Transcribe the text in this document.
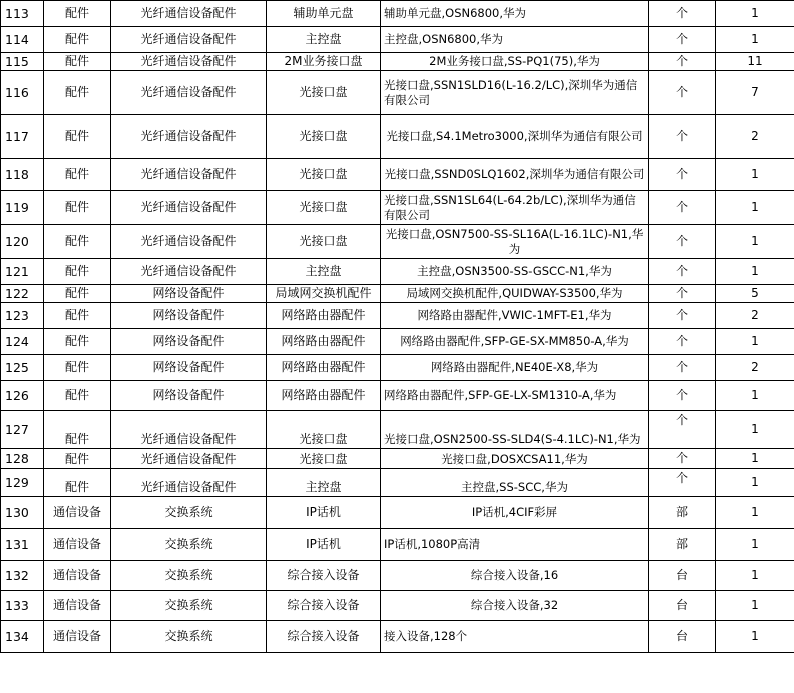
113	配件	光纤通信设备配件	辅助单元盘	辅助单元盘,OSN6800,华为	个	1
114	配件	光纤通信设备配件	主控盘	主控盘,OSN6800,华为	个	1
115	配件	光纤通信设备配件	2M业务接口盘	2M业务接口盘,SS-PQ1(75),华为	个	11
116	配件	光纤通信设备配件	光接口盘	光接口盘,SSN1SLD16(L-16.2/LC),深圳华为通信有限公司	个	7
117	配件	光纤通信设备配件	光接口盘	光接口盘,S4.1Metro3000,深圳华为通信有限公司	个	2
118	配件	光纤通信设备配件	光接口盘	光接口盘,SSND0SLQ1602,深圳华为通信有限公司	个	1
119	配件	光纤通信设备配件	光接口盘	光接口盘,SSN1SL64(L-64.2b/LC),深圳华为通信有限公司	个	1
120	配件	光纤通信设备配件	光接口盘	光接口盘,OSN7500-SS-SL16A(L-16.1LC)-N1,华为	个	1
121	配件	光纤通信设备配件	主控盘	主控盘,OSN3500-SS-GSCC-N1,华为	个	1
122	配件	网络设备配件	局域网交换机配件	局域网交换机配件,QUIDWAY-S3500,华为	个	5
123	配件	网络设备配件	网络路由器配件	网络路由器配件,VWIC-1MFT-E1,华为	个	2
124	配件	网络设备配件	网络路由器配件	网络路由器配件,SFP-GE-SX-MM850-A,华为	个	1
125	配件	网络设备配件	网络路由器配件	网络路由器配件,NE40E-X8,华为	个	2
126	配件	网络设备配件	网络路由器配件	网络路由器配件,SFP-GE-LX-SM1310-A,华为	个	1
127	配件	光纤通信设备配件	光接口盘	光接口盘,OSN2500-SS-SLD4(S-4.1LC)-N1,华为	个	1
128	配件	光纤通信设备配件	光接口盘	光接口盘,DOSXCSA11,华为	个	1
129	配件	光纤通信设备配件	主控盘	主控盘,SS-SCC,华为	个	1
130	通信设备	交换系统	IP话机	IP话机,4CIF彩屏	部	1
131	通信设备	交换系统	IP话机	IP话机,1080P高清	部	1
132	通信设备	交换系统	综合接入设备	综合接入设备,16	台	1
133	通信设备	交换系统	综合接入设备	综合接入设备,32	台	1
134	通信设备	交换系统	综合接入设备	接入设备,128个	台	1
